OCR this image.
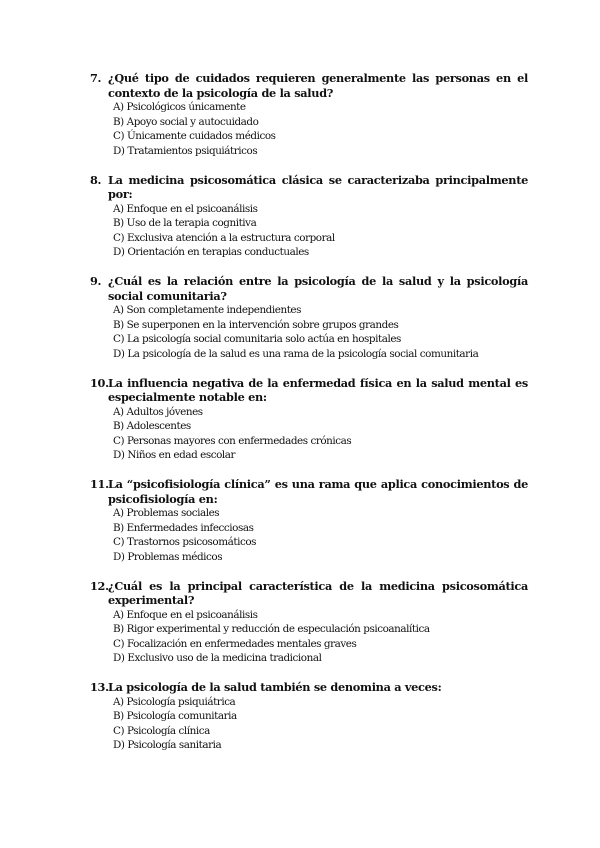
7. ¿Qué tipo de cuidados requieren generalmente las personas en el contexto de la psicología de la salud?
A) Psicológicos únicamente
B) Apoyo social y autocuidado
C) Únicamente cuidados médicos
D) Tratamientos psiquiátricos
8. La medicina psicosomática clásica se caracterizaba principalmente por:
A) Enfoque en el psicoanálisis
B) Uso de la terapia cognitiva
C) Exclusiva atención a la estructura corporal
D) Orientación en terapias conductuales
9. ¿Cuál es la relación entre la psicología de la salud y la psicología social comunitaria?
A) Son completamente independientes
B) Se superponen en la intervención sobre grupos grandes
C) La psicología social comunitaria solo actúa en hospitales
D) La psicología de la salud es una rama de la psicología social comunitaria
10. La influencia negativa de la enfermedad física en la salud mental es especialmente notable en:
A) Adultos jóvenes
B) Adolescentes
C) Personas mayores con enfermedades crónicas
D) Niños en edad escolar
11. La “psicofisiología clínica” es una rama que aplica conocimientos de psicofisiología en:
A) Problemas sociales
B) Enfermedades infecciosas
C) Trastornos psicosomáticos
D) Problemas médicos
12. ¿Cuál es la principal característica de la medicina psicosomática experimental?
A) Enfoque en el psicoanálisis
B) Rigor experimental y reducción de especulación psicoanalítica
C) Focalización en enfermedades mentales graves
D) Exclusivo uso de la medicina tradicional
13. La psicología de la salud también se denomina a veces:
A) Psicología psiquiátrica
B) Psicología comunitaria
C) Psicología clínica
D) Psicología sanitaria
